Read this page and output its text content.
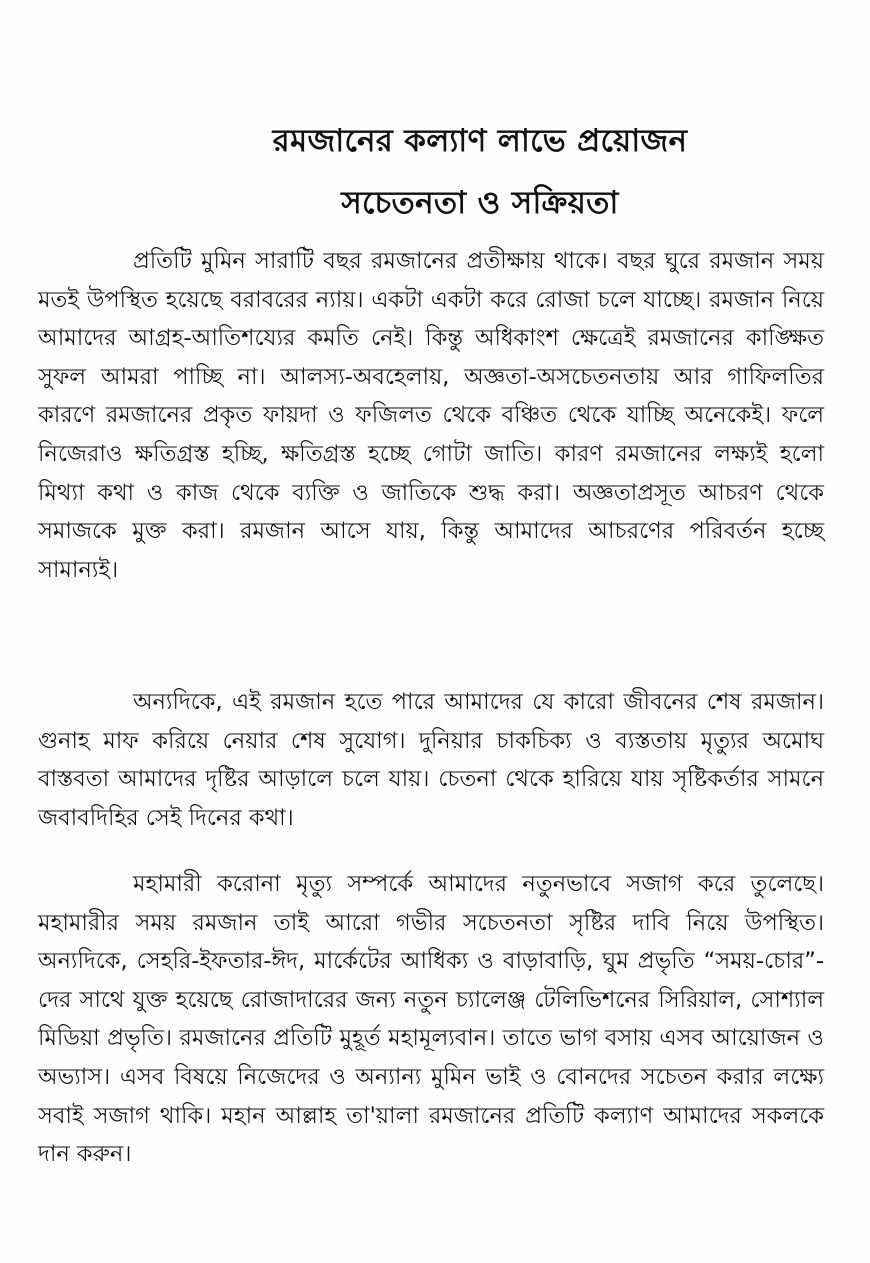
রমজানের কল্যাণ লাভে প্রয়োজন
সচেতনতা ও সক্রিয়তা

প্রতিটি মুমিন সারাটি বছর রমজানের প্রতীক্ষায় থাকে। বছর ঘুরে রমজান সময় মতই উপস্থিত হয়েছে বরাবরের ন্যায়। একটা একটা করে রোজা চলে যাচ্ছে। রমজান নিয়ে আমাদের আগ্রহ-আতিশয্যের কমতি নেই। কিন্তু অধিকাংশ ক্ষেত্রেই রমজানের কাঙ্ক্ষিত সুফল আমরা পাচ্ছি না। আলস্য-অবহেলায়, অজ্ঞতা-অসচেতনতায় আর গাফিলতির কারণে রমজানের প্রকৃত ফায়দা ও ফজিলত থেকে বঞ্চিত থেকে যাচ্ছি অনেকেই। ফলে নিজেরাও ক্ষতিগ্রস্ত হচ্ছি, ক্ষতিগ্রস্ত হচ্ছে গোটা জাতি। কারণ রমজানের লক্ষ্যই হলো মিথ্যা কথা ও কাজ থেকে ব্যক্তি ও জাতিকে শুদ্ধ করা। অজ্ঞতাপ্রসূত আচরণ থেকে সমাজকে মুক্ত করা। রমজান আসে যায়, কিন্তু আমাদের আচরণের পরিবর্তন হচ্ছে সামান্যই।

অন্যদিকে, এই রমজান হতে পারে আমাদের যে কারো জীবনের শেষ রমজান। গুনাহ মাফ করিয়ে নেয়ার শেষ সুযোগ। দুনিয়ার চাকচিক্য ও ব্যস্ততায় মৃত্যুর অমোঘ বাস্তবতা আমাদের দৃষ্টির আড়ালে চলে যায়। চেতনা থেকে হারিয়ে যায় সৃষ্টিকর্তার সামনে জবাবদিহির সেই দিনের কথা।

মহামারী করোনা মৃত্যু সম্পর্কে আমাদের নতুনভাবে সজাগ করে তুলেছে। মহামারীর সময় রমজান তাই আরো গভীর সচেতনতা সৃষ্টির দাবি নিয়ে উপস্থিত। অন্যদিকে, সেহরি-ইফতার-ঈদ, মার্কেটের আধিক্য ও বাড়াবাড়ি, ঘুম প্রভৃতি “সময়-চোর”-দের সাথে যুক্ত হয়েছে রোজাদারের জন্য নতুন চ্যালেঞ্জ টেলিভিশনের সিরিয়াল, সোশ্যাল মিডিয়া প্রভৃতি। রমজানের প্রতিটি মুহূর্ত মহামূল্যবান। তাতে ভাগ বসায় এসব আয়োজন ও অভ্যাস। এসব বিষয়ে নিজেদের ও অন্যান্য মুমিন ভাই ও বোনদের সচেতন করার লক্ষ্যে সবাই সজাগ থাকি। মহান আল্লাহ তা'য়ালা রমজানের প্রতিটি কল্যাণ আমাদের সকলকে দান করুন।
